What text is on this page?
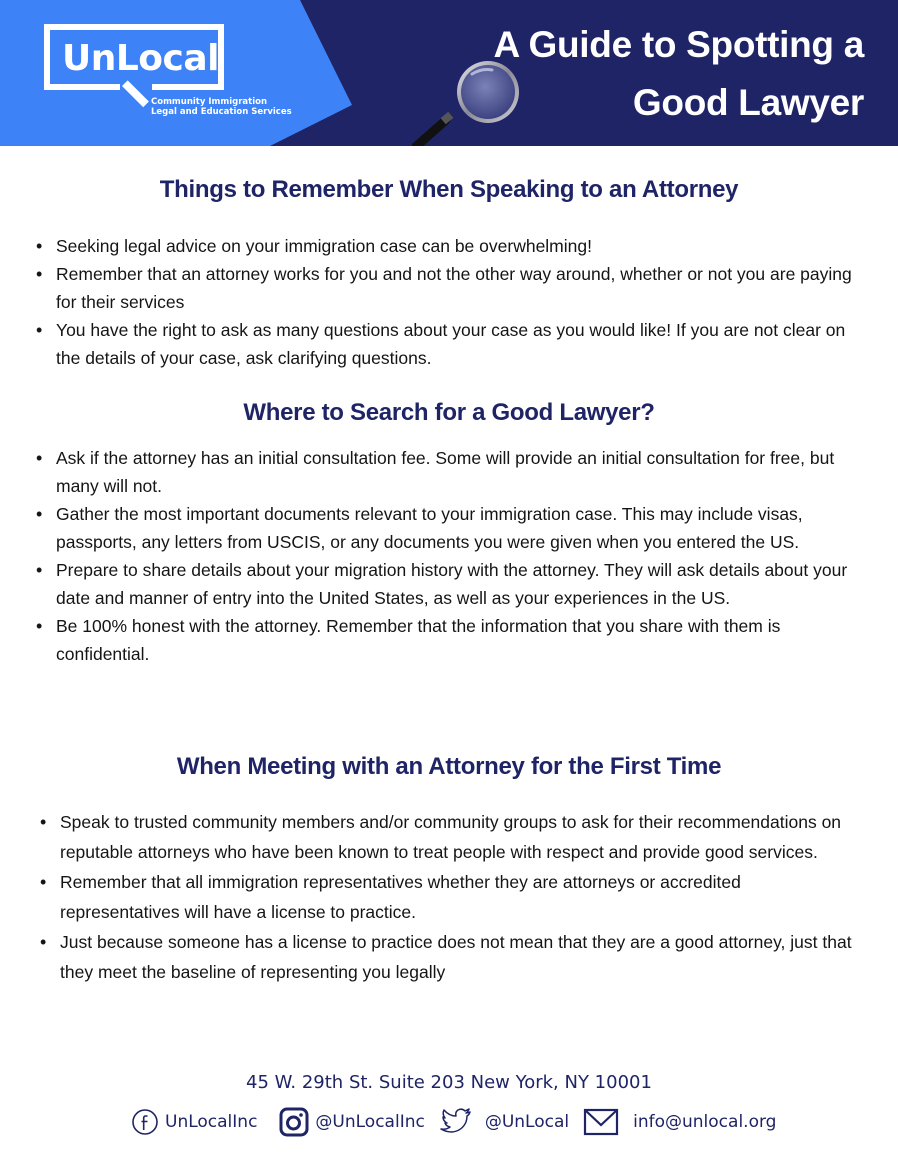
UnLocal
Community Immigration
Legal and Education Services
A Guide to Spotting a
Good Lawyer
Things to Remember When Speaking to an Attorney
• Seeking legal advice on your immigration case can be overwhelming!
• Remember that an attorney works for you and not the other way around, whether or not you are paying for their services
• You have the right to ask as many questions about your case as you would like! If you are not clear on the details of your case, ask clarifying questions.
Where to Search for a Good Lawyer?
• Ask if the attorney has an initial consultation fee. Some will provide an initial consultation for free, but many will not.
• Gather the most important documents relevant to your immigration case. This may include visas, passports, any letters from USCIS, or any documents you were given when you entered the US.
• Prepare to share details about your migration history with the attorney. They will ask details about your date and manner of entry into the United States, as well as your experiences in the US.
• Be 100% honest with the attorney. Remember that the information that you share with them is confidential.
When Meeting with an Attorney for the First Time
• Speak to trusted community members and/or community groups to ask for their recommendations on reputable attorneys who have been known to treat people with respect and provide good services.
• Remember that all immigration representatives whether they are attorneys or accredited representatives will have a license to practice.
• Just because someone has a license to practice does not mean that they are a good attorney, just that they meet the baseline of representing you legally
45 W. 29th St. Suite 203 New York, NY 10001
UnLocalInc	@UnLocalInc	@UnLocal	info@unlocal.org
